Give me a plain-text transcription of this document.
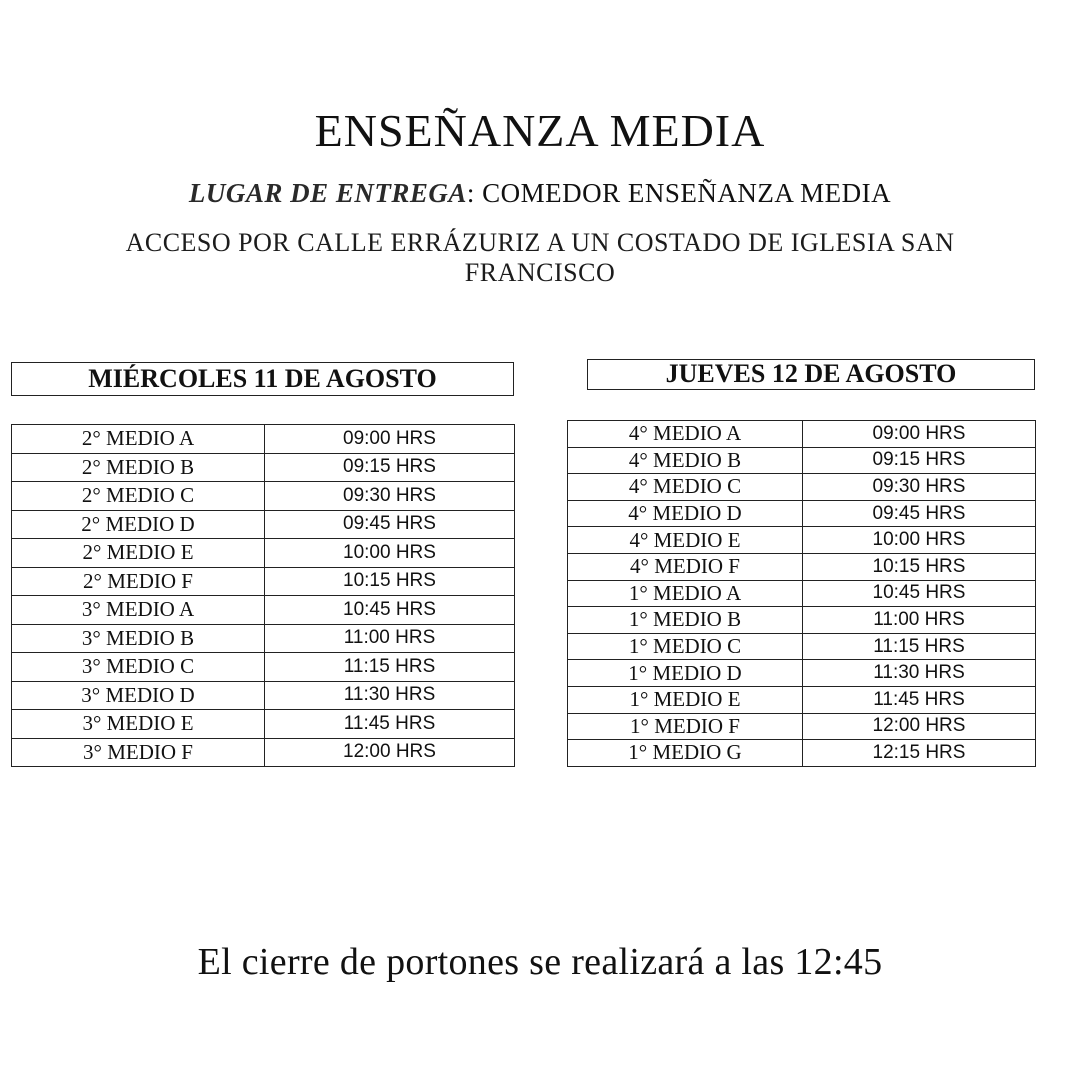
ENSEÑANZA MEDIA
LUGAR DE ENTREGA: COMEDOR ENSEÑANZA MEDIA
ACCESO POR CALLE ERRÁZURIZ A UN COSTADO DE IGLESIA SAN FRANCISCO
MIÉRCOLES 11 DE AGOSTO	JUEVES 12 DE AGOSTO
2° MEDIO A	09:00 HRS
2° MEDIO B	09:15 HRS
2° MEDIO C	09:30 HRS
2° MEDIO D	09:45 HRS
2° MEDIO E	10:00 HRS
2° MEDIO F	10:15 HRS
3° MEDIO A	10:45 HRS
3° MEDIO B	11:00 HRS
3° MEDIO C	11:15 HRS
3° MEDIO D	11:30 HRS
3° MEDIO E	11:45 HRS
3° MEDIO F	12:00 HRS
4° MEDIO A	09:00 HRS
4° MEDIO B	09:15 HRS
4° MEDIO C	09:30 HRS
4° MEDIO D	09:45 HRS
4° MEDIO E	10:00 HRS
4° MEDIO F	10:15 HRS
1° MEDIO A	10:45 HRS
1° MEDIO B	11:00 HRS
1° MEDIO C	11:15 HRS
1° MEDIO D	11:30 HRS
1° MEDIO E	11:45 HRS
1° MEDIO F	12:00 HRS
1° MEDIO G	12:15 HRS
El cierre de portones se realizará a las 12:45
